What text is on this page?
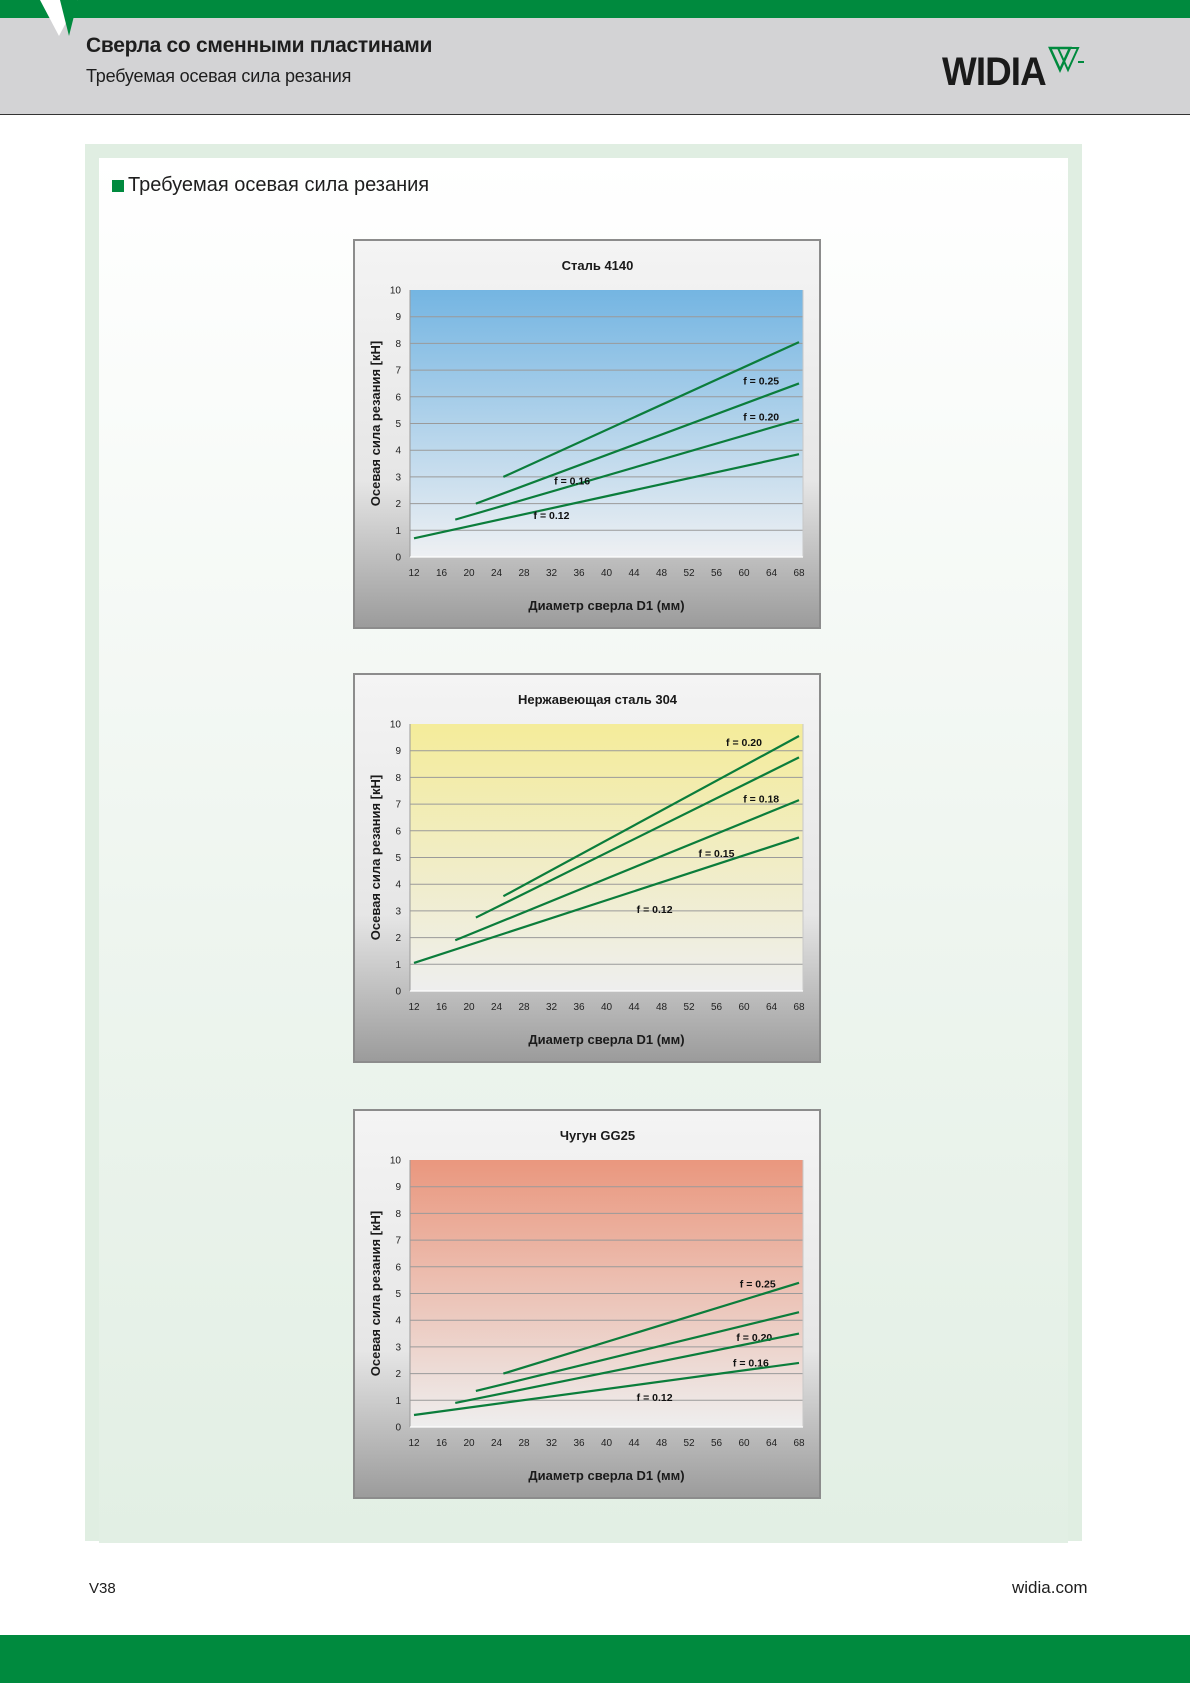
Сверла со сменными пластинами
Требуемая осевая сила резания	WIDIA
Требуемая осевая сила резания
Сталь 4140
0
1
2
3
4
5
6
7
8
9
10
12 16 20 24 28 32 36 40 44 48 52 56 60 64 68
Диаметр сверла D1 (мм)
Осевая сила резания [кН]	f = 0.25
f = 0.20
f = 0.16
f = 0.12
Нержавеющая сталь 304
0
1
2
3
4
5
6
7
8
9
10
12 16 20 24 28 32 36 40 44 48 52 56 60 64 68
Диаметр сверла D1 (мм)
Осевая сила резания [кН]
f = 0.20
f = 0.18
f = 0.15
f = 0.12
Чугун GG25
0
1
2
3
4
5
6
7
8
9
10
12 16 20 24 28 32 36 40 44 48 52 56 60 64 68
Диаметр сверла D1 (мм)
Осевая сила резания [кН]	f = 0.25
f = 0.20
f = 0.16
f = 0.12
V38	widia.com
